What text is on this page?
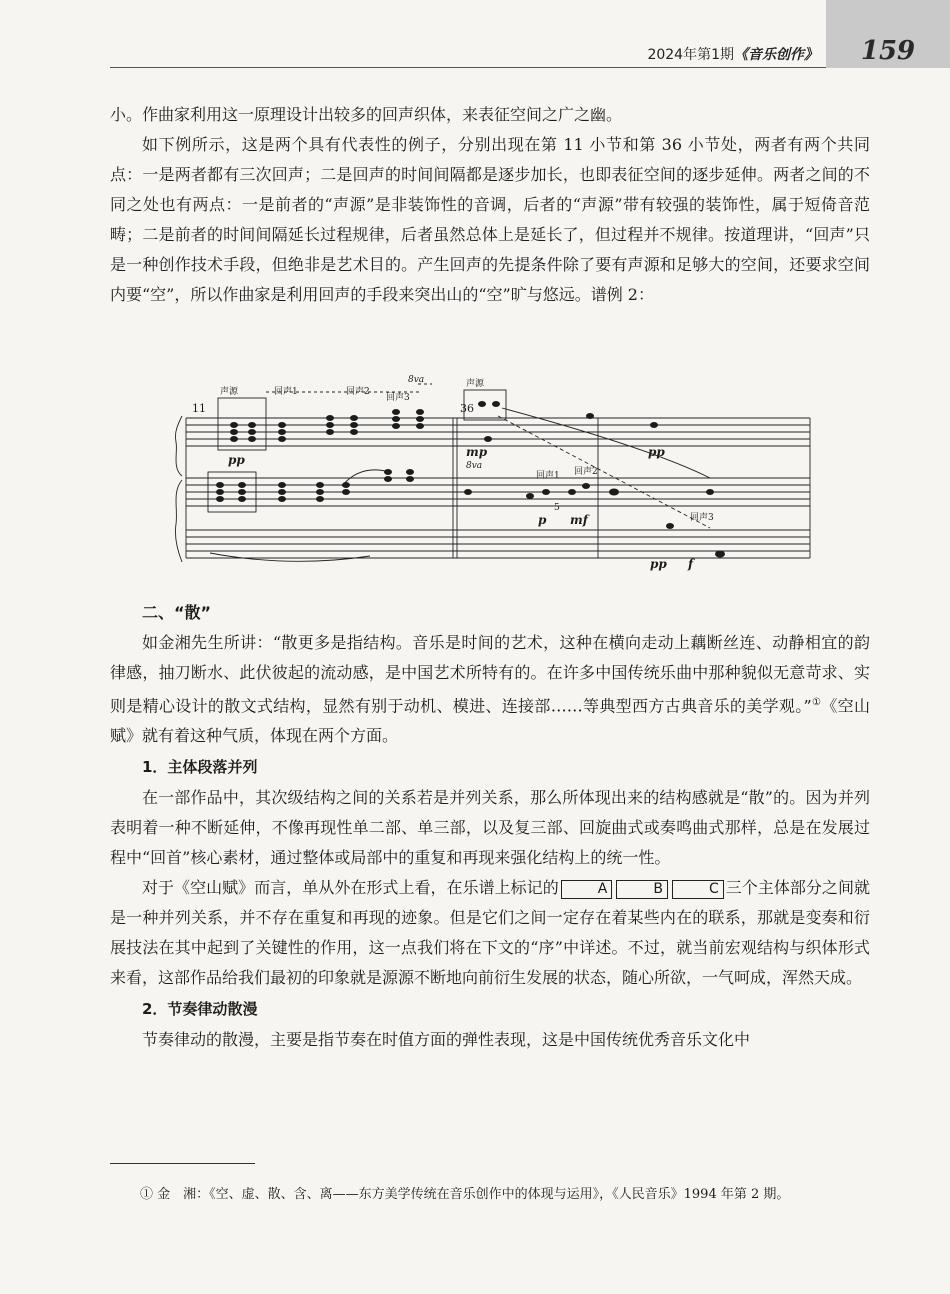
159
2024年第1期《音乐创作》

小。作曲家利用这一原理设计出较多的回声织体，来表征空间之广之幽。

如下例所示，这是两个具有代表性的例子，分别出现在第 11 小节和第 36 小节处，两者有两个共同点：一是两者都有三次回声；二是回声的时间间隔都是逐步加长，也即表征空间的逐步延伸。两者之间的不同之处也有两点：一是前者的“声源”是非装饰性的音调，后者的“声源”带有较强的装饰性，属于短倚音范畴；二是前者的时间间隔延长过程规律，后者虽然总体上是延长了，但过程并不规律。按道理讲，“回声”只是一种创作技术手段，但绝非是艺术目的。产生回声的先提条件除了要有声源和足够大的空间，还要求空间内要“空”，所以作曲家是利用回声的手段来突出山的“空”旷与悠远。谱例 2：

11	36
声源	回声1	回声2
回声3
8va	声源
回声1 回声2
回声3
8va
pp
mp	pp
p mf
pp f
5

二、“散”

如金湘先生所讲：“散更多是指结构。音乐是时间的艺术，这种在横向走动上藕断丝连、动静相宜的韵律感，抽刀断水、此伏彼起的流动感，是中国艺术所特有的。在许多中国传统乐曲中那种貌似无意苛求、实则是精心设计的散文式结构，显然有别于动机、模进、连接部……等典型西方古典音乐的美学观。”①《空山赋》就有着这种气质，体现在两个方面。

1．主体段落并列

在一部作品中，其次级结构之间的关系若是并列关系，那么所体现出来的结构感就是“散”的。因为并列表明着一种不断延伸，不像再现性单二部、单三部，以及复三部、回旋曲式或奏鸣曲式那样，总是在发展过程中“回首”核心素材，通过整体或局部中的重复和再现来强化结构上的统一性。

对于《空山赋》而言，单从外在形式上看，在乐谱上标记的	A	B	C 三个主体部分之间就是一种并列关系，并不存在重复和再现的迹象。但是它们之间一定存在着某些内在的联系，那就是变奏和衍展技法在其中起到了关键性的作用，这一点我们将在下文的“序”中详述。不过，就当前宏观结构与织体形式来看，这部作品给我们最初的印象就是源源不断地向前衍生发展的状态，随心所欲，一气呵成，浑然天成。

2．节奏律动散漫

节奏律动的散漫，主要是指节奏在时值方面的弹性表现，这是中国传统优秀音乐文化中

① 金　湘：《空、虚、散、含、离——东方美学传统在音乐创作中的体现与运用》，《人民音乐》1994 年第 2 期。
